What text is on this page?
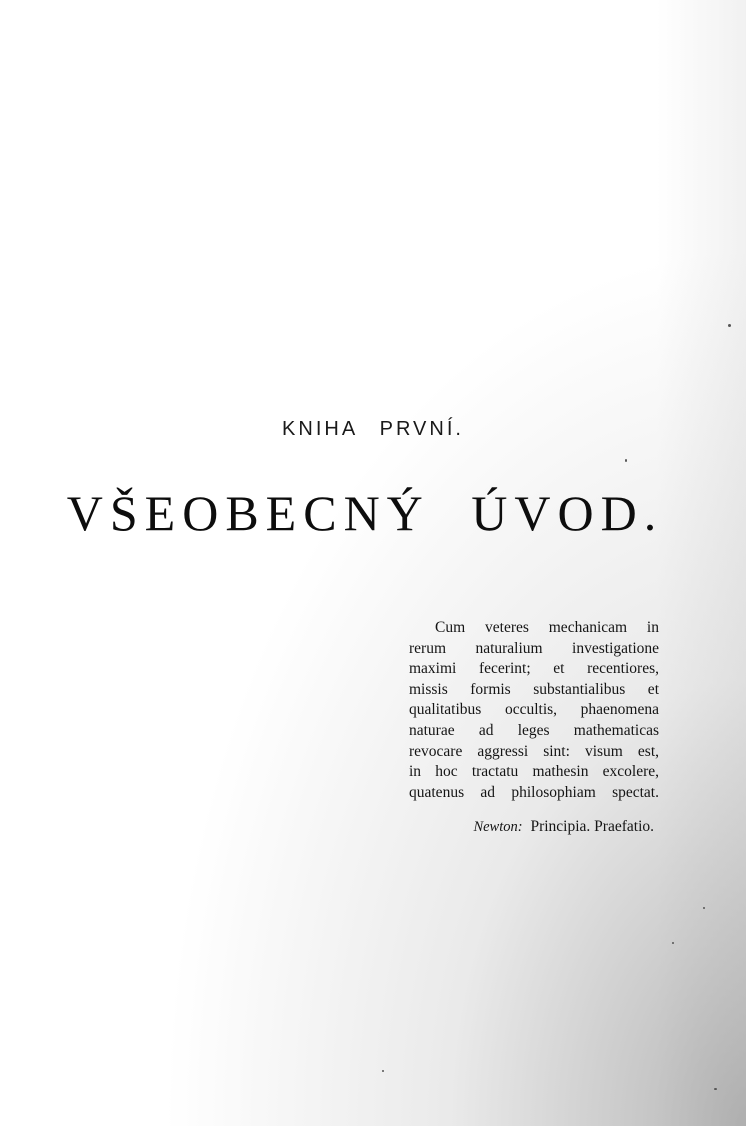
KNIHA PRVNÍ.
VŠEOBECNÝ ÚVOD.
Cum veteres mechanicam in
rerum naturalium investigatione
maximi fecerint; et recentiores,
missis formis substantialibus et
qualitatibus occultis, phaenomena
naturae ad leges mathematicas
revocare aggressi sint: visum est,
in hoc tractatu mathesin excolere,
quatenus ad philosophiam spectat.
Newton: Principia. Praefatio.
